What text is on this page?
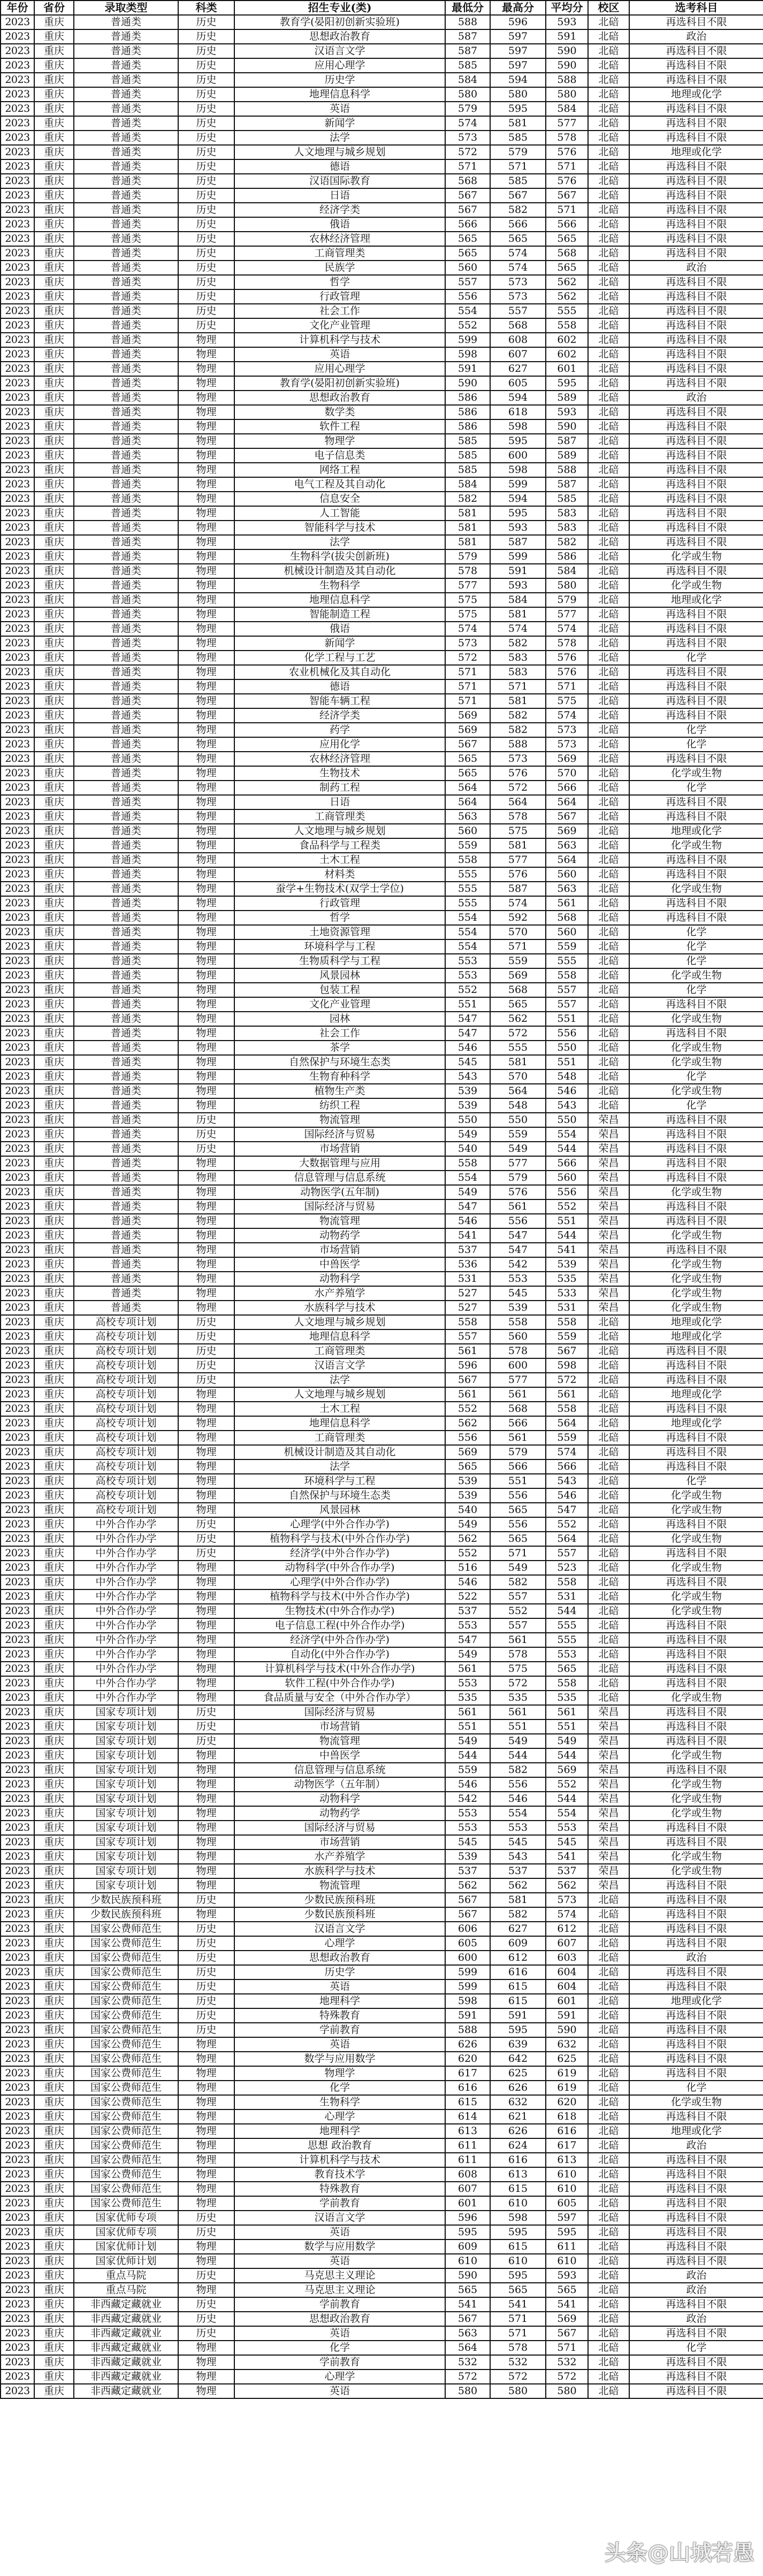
年份	省份	录取类型	科类	招生专业(类)	最低分	最高分	平均分	校区	选考科目
2023	重庆	普通类	历史	教育学(晏阳初创新实验班)	588	596	593	北碚	再选科目不限
2023	重庆	普通类	历史	思想政治教育	587	597	591	北碚	政治
2023	重庆	普通类	历史	汉语言文学	587	597	590	北碚	再选科目不限
2023	重庆	普通类	历史	应用心理学	585	597	590	北碚	再选科目不限
2023	重庆	普通类	历史	历史学	584	594	588	北碚	再选科目不限
2023	重庆	普通类	历史	地理信息科学	580	580	580	北碚	地理或化学
2023	重庆	普通类	历史	英语	579	595	584	北碚	再选科目不限
2023	重庆	普通类	历史	新闻学	574	581	577	北碚	再选科目不限
2023	重庆	普通类	历史	法学	573	585	578	北碚	再选科目不限
2023	重庆	普通类	历史	人文地理与城乡规划	572	579	576	北碚	地理或化学
2023	重庆	普通类	历史	德语	571	571	571	北碚	再选科目不限
2023	重庆	普通类	历史	汉语国际教育	568	585	576	北碚	再选科目不限
2023	重庆	普通类	历史	日语	567	567	567	北碚	再选科目不限
2023	重庆	普通类	历史	经济学类	567	582	571	北碚	再选科目不限
2023	重庆	普通类	历史	俄语	566	566	566	北碚	再选科目不限
2023	重庆	普通类	历史	农林经济管理	565	565	565	北碚	再选科目不限
2023	重庆	普通类	历史	工商管理类	565	574	568	北碚	再选科目不限
2023	重庆	普通类	历史	民族学	560	574	565	北碚	政治
2023	重庆	普通类	历史	哲学	557	573	562	北碚	再选科目不限
2023	重庆	普通类	历史	行政管理	556	573	562	北碚	再选科目不限
2023	重庆	普通类	历史	社会工作	554	557	555	北碚	再选科目不限
2023	重庆	普通类	历史	文化产业管理	552	568	558	北碚	再选科目不限
2023	重庆	普通类	物理	计算机科学与技术	599	608	602	北碚	再选科目不限
2023	重庆	普通类	物理	英语	598	607	602	北碚	再选科目不限
2023	重庆	普通类	物理	应用心理学	591	627	601	北碚	再选科目不限
2023	重庆	普通类	物理	教育学(晏阳初创新实验班)	590	605	595	北碚	再选科目不限
2023	重庆	普通类	物理	思想政治教育	586	594	589	北碚	政治
2023	重庆	普通类	物理	数学类	586	618	593	北碚	再选科目不限
2023	重庆	普通类	物理	软件工程	586	598	590	北碚	再选科目不限
2023	重庆	普通类	物理	物理学	585	595	587	北碚	再选科目不限
2023	重庆	普通类	物理	电子信息类	585	600	589	北碚	再选科目不限
2023	重庆	普通类	物理	网络工程	585	598	588	北碚	再选科目不限
2023	重庆	普通类	物理	电气工程及其自动化	584	599	587	北碚	再选科目不限
2023	重庆	普通类	物理	信息安全	582	594	585	北碚	再选科目不限
2023	重庆	普通类	物理	人工智能	581	595	583	北碚	再选科目不限
2023	重庆	普通类	物理	智能科学与技术	581	593	583	北碚	再选科目不限
2023	重庆	普通类	物理	法学	581	587	582	北碚	再选科目不限
2023	重庆	普通类	物理	生物科学(拔尖创新班)	579	599	586	北碚	化学或生物
2023	重庆	普通类	物理	机械设计制造及其自动化	578	591	584	北碚	再选科目不限
2023	重庆	普通类	物理	生物科学	577	593	580	北碚	化学或生物
2023	重庆	普通类	物理	地理信息科学	575	584	579	北碚	地理或化学
2023	重庆	普通类	物理	智能制造工程	575	581	577	北碚	再选科目不限
2023	重庆	普通类	物理	俄语	574	574	574	北碚	再选科目不限
2023	重庆	普通类	物理	新闻学	573	582	578	北碚	再选科目不限
2023	重庆	普通类	物理	化学工程与工艺	572	583	576	北碚	化学
2023	重庆	普通类	物理	农业机械化及其自动化	571	583	576	北碚	再选科目不限
2023	重庆	普通类	物理	德语	571	571	571	北碚	再选科目不限
2023	重庆	普通类	物理	智能车辆工程	571	581	575	北碚	再选科目不限
2023	重庆	普通类	物理	经济学类	569	582	574	北碚	再选科目不限
2023	重庆	普通类	物理	药学	569	582	573	北碚	化学
2023	重庆	普通类	物理	应用化学	567	588	573	北碚	化学
2023	重庆	普通类	物理	农林经济管理	565	573	569	北碚	再选科目不限
2023	重庆	普通类	物理	生物技术	565	576	570	北碚	化学或生物
2023	重庆	普通类	物理	制药工程	564	572	566	北碚	化学
2023	重庆	普通类	物理	日语	564	564	564	北碚	再选科目不限
2023	重庆	普通类	物理	工商管理类	563	578	567	北碚	再选科目不限
2023	重庆	普通类	物理	人文地理与城乡规划	560	575	569	北碚	地理或化学
2023	重庆	普通类	物理	食品科学与工程类	559	581	563	北碚	化学或生物
2023	重庆	普通类	物理	土木工程	558	577	564	北碚	再选科目不限
2023	重庆	普通类	物理	材料类	555	576	560	北碚	再选科目不限
2023	重庆	普通类	物理	蚕学+生物技术(双学士学位)	555	587	563	北碚	化学或生物
2023	重庆	普通类	物理	行政管理	555	574	561	北碚	再选科目不限
2023	重庆	普通类	物理	哲学	554	592	568	北碚	再选科目不限
2023	重庆	普通类	物理	土地资源管理	554	570	560	北碚	化学
2023	重庆	普通类	物理	环境科学与工程	554	571	559	北碚	化学
2023	重庆	普通类	物理	生物质科学与工程	553	559	555	北碚	化学
2023	重庆	普通类	物理	风景园林	553	569	558	北碚	化学或生物
2023	重庆	普通类	物理	包装工程	552	568	557	北碚	化学
2023	重庆	普通类	物理	文化产业管理	551	565	557	北碚	再选科目不限
2023	重庆	普通类	物理	园林	547	562	551	北碚	化学或生物
2023	重庆	普通类	物理	社会工作	547	572	556	北碚	再选科目不限
2023	重庆	普通类	物理	茶学	546	555	550	北碚	化学或生物
2023	重庆	普通类	物理	自然保护与环境生态类	545	581	551	北碚	化学或生物
2023	重庆	普通类	物理	生物育种科学	543	570	548	北碚	化学
2023	重庆	普通类	物理	植物生产类	539	564	546	北碚	化学或生物
2023	重庆	普通类	物理	纺织工程	539	548	543	北碚	化学
2023	重庆	普通类	历史	物流管理	550	550	550	荣昌	再选科目不限
2023	重庆	普通类	历史	国际经济与贸易	549	559	554	荣昌	再选科目不限
2023	重庆	普通类	历史	市场营销	540	549	544	荣昌	再选科目不限
2023	重庆	普通类	物理	大数据管理与应用	558	577	566	荣昌	再选科目不限
2023	重庆	普通类	物理	信息管理与信息系统	554	579	560	荣昌	再选科目不限
2023	重庆	普通类	物理	动物医学(五年制)	549	576	556	荣昌	化学或生物
2023	重庆	普通类	物理	国际经济与贸易	547	561	552	荣昌	再选科目不限
2023	重庆	普通类	物理	物流管理	546	556	551	荣昌	再选科目不限
2023	重庆	普通类	物理	动物药学	541	547	544	荣昌	化学或生物
2023	重庆	普通类	物理	市场营销	537	547	541	荣昌	再选科目不限
2023	重庆	普通类	物理	中兽医学	536	542	539	荣昌	化学或生物
2023	重庆	普通类	物理	动物科学	531	553	535	荣昌	化学或生物
2023	重庆	普通类	物理	水产养殖学	527	545	533	荣昌	化学或生物
2023	重庆	普通类	物理	水族科学与技术	527	539	531	荣昌	化学或生物
2023	重庆	高校专项计划	历史	人文地理与城乡规划	558	558	558	北碚	地理或化学
2023	重庆	高校专项计划	历史	地理信息科学	557	560	559	北碚	地理或化学
2023	重庆	高校专项计划	历史	工商管理类	561	578	567	北碚	再选科目不限
2023	重庆	高校专项计划	历史	汉语言文学	596	600	598	北碚	再选科目不限
2023	重庆	高校专项计划	历史	法学	567	577	572	北碚	再选科目不限
2023	重庆	高校专项计划	物理	人文地理与城乡规划	561	561	561	北碚	地理或化学
2023	重庆	高校专项计划	物理	土木工程	552	568	558	北碚	再选科目不限
2023	重庆	高校专项计划	物理	地理信息科学	562	566	564	北碚	地理或化学
2023	重庆	高校专项计划	物理	工商管理类	556	561	559	北碚	再选科目不限
2023	重庆	高校专项计划	物理	机械设计制造及其自动化	569	579	574	北碚	再选科目不限
2023	重庆	高校专项计划	物理	法学	565	566	566	北碚	再选科目不限
2023	重庆	高校专项计划	物理	环境科学与工程	539	551	543	北碚	化学
2023	重庆	高校专项计划	物理	自然保护与环境生态类	539	556	546	北碚	化学或生物
2023	重庆	高校专项计划	物理	风景园林	540	565	547	北碚	化学或生物
2023	重庆	中外合作办学	历史	心理学(中外合作办学)	549	556	552	北碚	再选科目不限
2023	重庆	中外合作办学	历史	植物科学与技术(中外合作办学)	562	565	564	北碚	化学或生物
2023	重庆	中外合作办学	历史	经济学(中外合作办学)	552	571	557	北碚	再选科目不限
2023	重庆	中外合作办学	物理	动物科学(中外合作办学)	516	549	523	北碚	化学或生物
2023	重庆	中外合作办学	物理	心理学(中外合作办学)	546	582	558	北碚	再选科目不限
2023	重庆	中外合作办学	物理	植物科学与技术(中外合作办学)	522	557	531	北碚	化学或生物
2023	重庆	中外合作办学	物理	生物技术(中外合作办学)	537	552	544	北碚	化学或生物
2023	重庆	中外合作办学	物理	电子信息工程(中外合作办学)	553	557	555	北碚	再选科目不限
2023	重庆	中外合作办学	物理	经济学(中外合作办学)	547	561	555	北碚	再选科目不限
2023	重庆	中外合作办学	物理	自动化(中外合作办学)	549	578	553	北碚	再选科目不限
2023	重庆	中外合作办学	物理	计算机科学与技术(中外合作办学)	561	575	565	北碚	再选科目不限
2023	重庆	中外合作办学	物理	软件工程(中外合作办学)	553	572	558	北碚	再选科目不限
2023	重庆	中外合作办学	物理	食品质量与安全（中外合作办学）	535	535	535	北碚	化学或生物
2023	重庆	国家专项计划	历史	国际经济与贸易	561	561	561	荣昌	再选科目不限
2023	重庆	国家专项计划	历史	市场营销	551	551	551	荣昌	再选科目不限
2023	重庆	国家专项计划	历史	物流管理	549	549	549	荣昌	再选科目不限
2023	重庆	国家专项计划	物理	中兽医学	544	544	544	荣昌	化学或生物
2023	重庆	国家专项计划	物理	信息管理与信息系统	559	582	569	荣昌	再选科目不限
2023	重庆	国家专项计划	物理	动物医学（五年制）	546	556	552	荣昌	化学或生物
2023	重庆	国家专项计划	物理	动物科学	542	546	544	荣昌	化学或生物
2023	重庆	国家专项计划	物理	动物药学	553	554	554	荣昌	化学或生物
2023	重庆	国家专项计划	物理	国际经济与贸易	553	553	553	荣昌	再选科目不限
2023	重庆	国家专项计划	物理	市场营销	545	545	545	荣昌	再选科目不限
2023	重庆	国家专项计划	物理	水产养殖学	539	543	541	荣昌	化学或生物
2023	重庆	国家专项计划	物理	水族科学与技术	537	537	537	荣昌	化学或生物
2023	重庆	国家专项计划	物理	物流管理	562	562	562	荣昌	再选科目不限
2023	重庆	少数民族预科班	历史	少数民族预科班	567	581	573	北碚	再选科目不限
2023	重庆	少数民族预科班	物理	少数民族预科班	567	582	574	北碚	再选科目不限
2023	重庆	国家公费师范生	历史	汉语言文学	606	627	612	北碚	再选科目不限
2023	重庆	国家公费师范生	历史	心理学	605	609	607	北碚	再选科目不限
2023	重庆	国家公费师范生	历史	思想政治教育	600	612	603	北碚	政治
2023	重庆	国家公费师范生	历史	历史学	599	616	604	北碚	再选科目不限
2023	重庆	国家公费师范生	历史	英语	599	615	604	北碚	再选科目不限
2023	重庆	国家公费师范生	历史	地理科学	598	615	601	北碚	地理或化学
2023	重庆	国家公费师范生	历史	特殊教育	591	591	591	北碚	再选科目不限
2023	重庆	国家公费师范生	历史	学前教育	588	595	590	北碚	再选科目不限
2023	重庆	国家公费师范生	物理	英语	626	639	632	北碚	再选科目不限
2023	重庆	国家公费师范生	物理	数学与应用数学	620	642	625	北碚	再选科目不限
2023	重庆	国家公费师范生	物理	物理学	617	625	619	北碚	再选科目不限
2023	重庆	国家公费师范生	物理	化学	616	626	619	北碚	化学
2023	重庆	国家公费师范生	物理	生物科学	615	632	620	北碚	化学或生物
2023	重庆	国家公费师范生	物理	心理学	614	621	618	北碚	再选科目不限
2023	重庆	国家公费师范生	物理	地理科学	613	626	616	北碚	地理或化学
2023	重庆	国家公费师范生	物理	思想 政治教育	611	624	617	北碚	政治
2023	重庆	国家公费师范生	物理	计算机科学与技术	611	616	613	北碚	再选科目不限
2023	重庆	国家公费师范生	物理	教育技术学	608	613	610	北碚	再选科目不限
2023	重庆	国家公费师范生	物理	特殊教育	607	615	610	北碚	再选科目不限
2023	重庆	国家公费师范生	物理	学前教育	601	610	605	北碚	再选科目不限
2023	重庆	国家优师专项	历史	汉语言文学	596	598	597	北碚	再选科目不限
2023	重庆	国家优师专项	历史	英语	595	595	595	北碚	再选科目不限
2023	重庆	国家优师计划	物理	数学与应用数学	609	615	611	北碚	再选科目不限
2023	重庆	国家优师计划	物理	英语	610	610	610	北碚	再选科目不限
2023	重庆	重点马院	历史	马克思主义理论	590	595	593	北碚	政治
2023	重庆	重点马院	物理	马克思主义理论	565	565	565	北碚	政治
2023	重庆	非西藏定藏就业	历史	学前教育	541	541	541	北碚	再选科目不限
2023	重庆	非西藏定藏就业	历史	思想政治教育	567	571	569	北碚	政治
2023	重庆	非西藏定藏就业	历史	英语	563	571	567	北碚	再选科目不限
2023	重庆	非西藏定藏就业	物理	化学	564	578	571	北碚	化学
2023	重庆	非西藏定藏就业	物理	学前教育	532	532	532	北碚	再选科目不限
2023	重庆	非西藏定藏就业	物理	心理学	572	572	572	北碚	再选科目不限
2023	重庆	非西藏定藏就业	物理	英语	580	580	580	北碚	再选科目不限
头条@山城若愚
